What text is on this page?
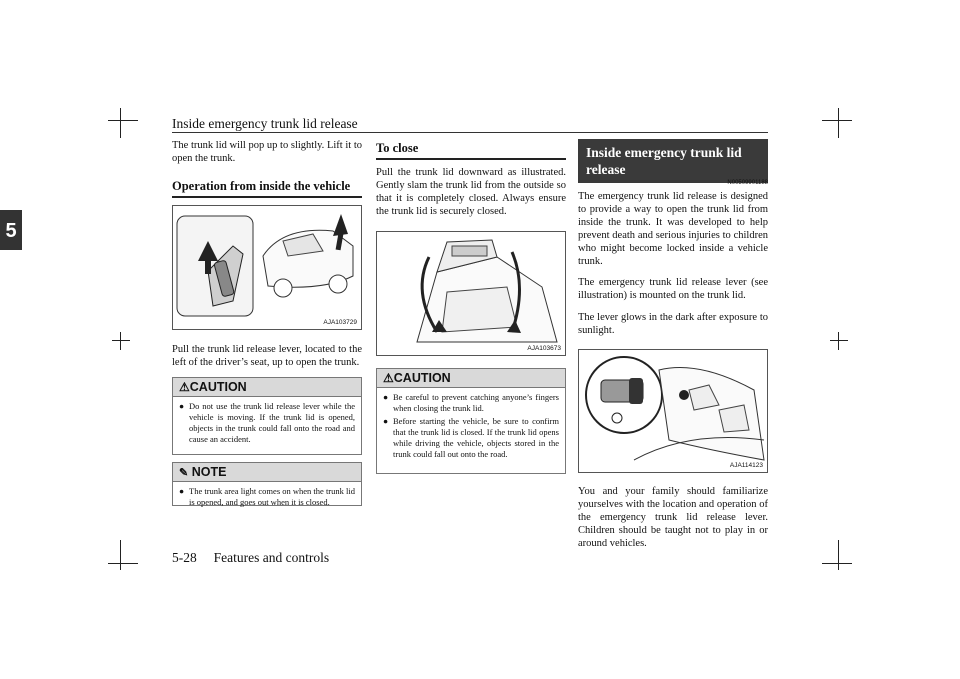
5
Inside emergency trunk lid release
The trunk lid will pop up to slightly. Lift it to open the trunk.
Operation from inside the vehicle
AJA103729
Pull the trunk lid release lever, located to the left of the driver’s seat, up to open the trunk.
⚠CAUTION
● Do not use the trunk lid release lever while the vehicle is moving. If the trunk lid is opened, objects in the trunk could fall onto the road and cause an accident.
✎ NOTE
● The trunk area light comes on when the trunk lid is opened, and goes out when it is closed.
To close
Pull the trunk lid downward as illustrated. Gently slam the trunk lid from the outside so that it is completely closed. Always ensure the trunk lid is securely closed.
AJA103673
⚠CAUTION
● Be careful to prevent catching anyone’s fingers when closing the trunk lid.
● Before starting the vehicle, be sure to confirm that the trunk lid is closed. If the trunk lid opens while driving the vehicle, objects stored in the trunk could fall out onto the road.
Inside emergency trunk lid release
N00509901188
The emergency trunk lid release is designed to provide a way to open the trunk lid from inside the trunk. It was developed to help prevent death and serious injuries to children who might become locked inside a vehicle trunk.
The emergency trunk lid release lever (see illustration) is mounted on the trunk lid.
The lever glows in the dark after exposure to sunlight.
AJA114123
You and your family should familiarize yourselves with the location and operation of the emergency trunk lid release lever. Children should be taught not to play in or around vehicles.
5-28     Features and controls
